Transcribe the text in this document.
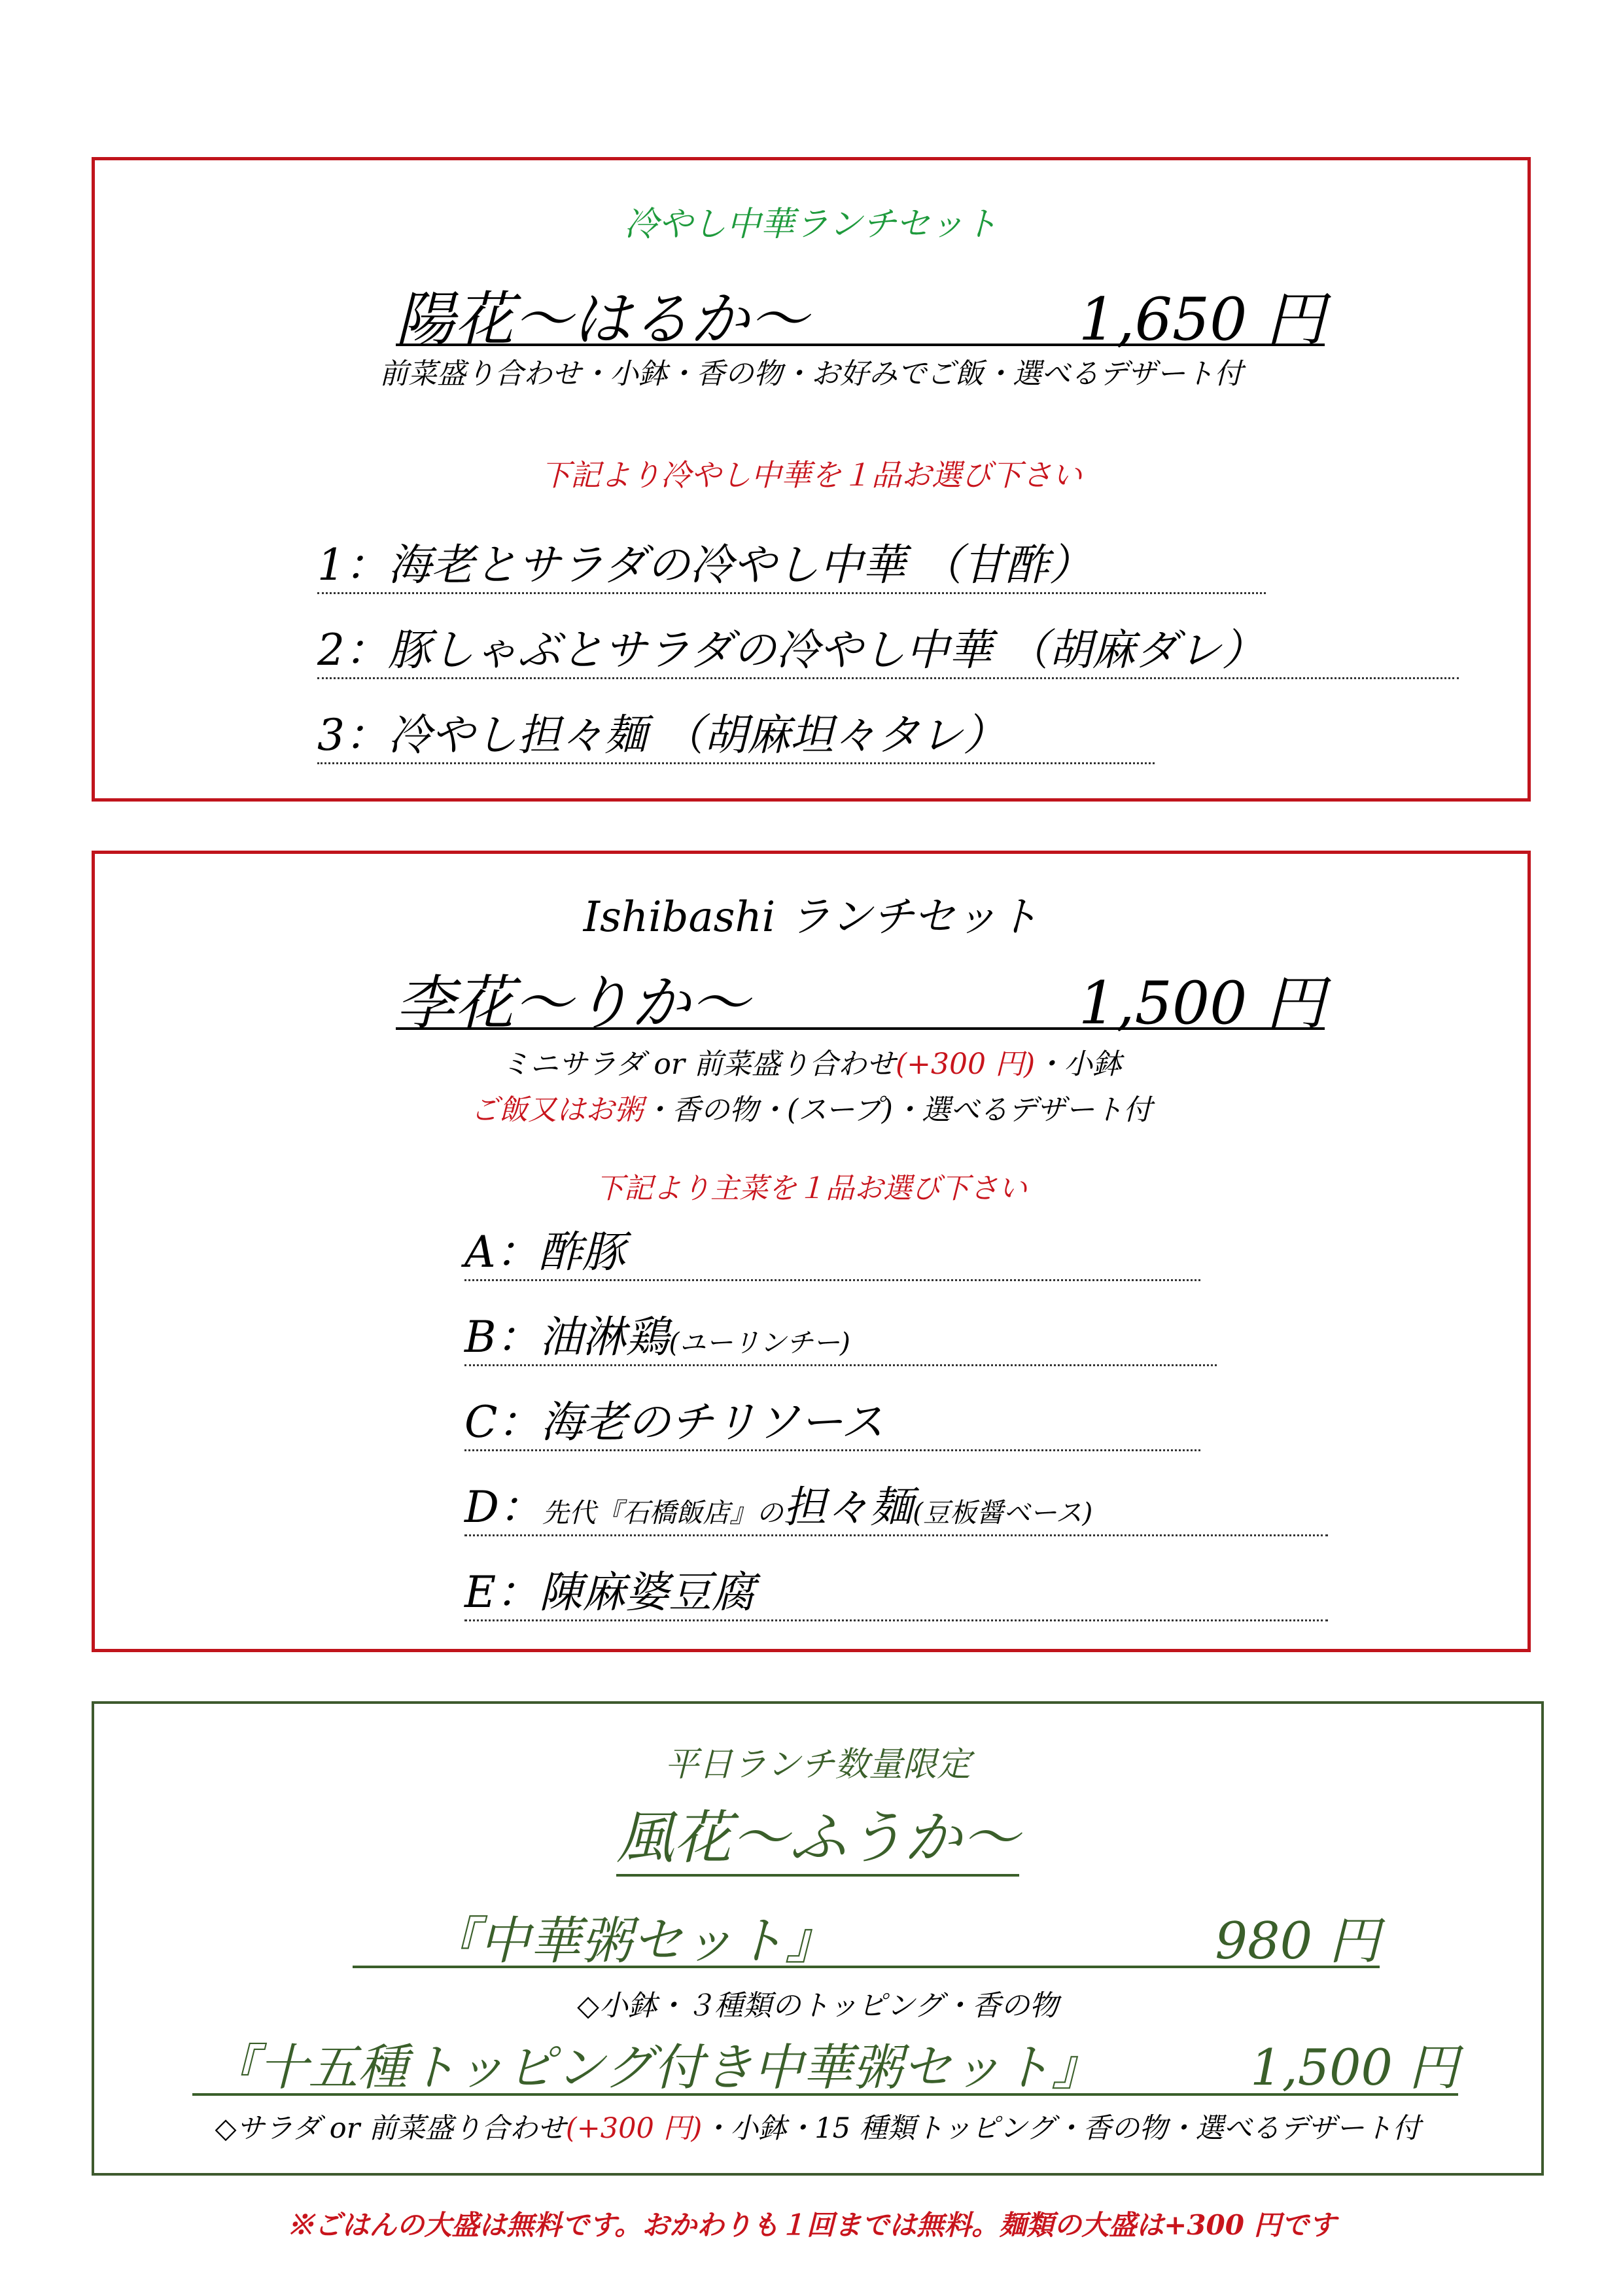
冷やし中華ランチセット
陽花～はるか～	1,650 円
前菜盛り合わせ・小鉢・香の物・お好みでご飯・選べるデザート付
下記より冷やし中華を１品お選び下さい
1：海老とサラダの冷やし中華 （甘酢）
2：豚しゃぶとサラダの冷やし中華 （胡麻ダレ）
3：冷やし担々麺 （胡麻坦々タレ）
Ishibashi ランチセット
李花～りか～	1,500 円
ミニサラダ or 前菜盛り合わせ(+300 円)・小鉢
ご飯又はお粥・香の物・(スープ)・選べるデザート付
下記より主菜を１品お選び下さい
A：酢豚
B：油淋鶏(ユーリンチー)
C：海老のチリソース
D：先代『石橋飯店』の担々麺(豆板醤ベース)
E：陳麻婆豆腐
平日ランチ数量限定
風花～ふうか～
『中華粥セット』	980 円
◇小鉢・３種類のトッピング・香の物
『十五種トッピング付き中華粥セット』	1,500 円
◇サラダ or 前菜盛り合わせ(+300 円)・小鉢・15 種類トッピング・香の物・選べるデザート付
※ごはんの大盛は無料です。おかわりも１回までは無料。麺類の大盛は+300 円です
